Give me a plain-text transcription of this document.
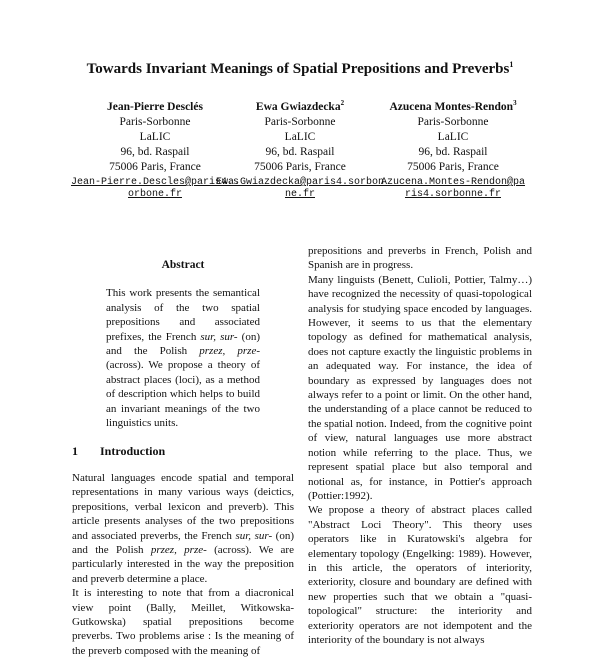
Towards Invariant Meanings of Spatial Prepositions and Preverbs$^1$
Jean-Pierre Desclés
Paris-Sorbonne
LaLIC
96, bd. Raspail
75006 Paris, France
Jean-Pierre.Descles@paris4.sorbone.fr
Ewa Gwiazdecka$^2$
Paris-Sorbonne
LaLIC
96, bd. Raspail
75006 Paris, France
Ewa.Gwiazdecka@paris4.sorbonne.fr
Azucena Montes-Rendon$^3$
Paris-Sorbonne
LaLIC
96, bd. Raspail
75006 Paris, France
Azucena.Montes-Rendon@paris4.sorbonne.fr
Abstract
This work presents the semantical analysis of the two spatial prepositions and associated prefixes, the French sur, sur- (on) and the Polish przez, prze- (across). We propose a theory of abstract places (loci), as a method of description which helps to build an invariant meanings of the two linguistics units.
1 Introduction

Natural languages encode spatial and temporal representations in many various ways (deictics, prepositions, verbal lexicon and preverb). This article presents analyses of the two prepositions and associated preverbs, the French sur, sur- (on) and the Polish przez, prze- (across). We are particularly interested in the way the preposition and preverb determine a place.

It is interesting to note that from a diacronical view point (Bally, Meillet, Witkowska-Gutkowska) spatial prepositions become preverbs. Two problems arise : Is the meaning of the preverb composed with the meaning of

prepositions and preverbs in French, Polish and Spanish are in progress.

Many linguists (Benett, Culioli, Pottier, Talmy…) have recognized the necessity of quasi-topological analysis for studying space encoded by languages. However, it seems to us that the elementary topology as defined for mathematical analysis, does not capture exactly the linguistic problems in an adequated way. For instance, the idea of boundary as expressed by languages does not always refer to a point or limit. On the other hand, the understanding of a place cannot be reduced to the spatial notion. Indeed, from the cognitive point of view, natural languages use more abstract notion while referring to the place. Thus, we represent spatial place but also temporal and notional as, for instance, in Pottier's approach (Pottier:1992).

We propose a theory of abstract places called "Abstract Loci Theory". This theory uses operators like in Kuratowski's algebra for elementary topology (Engelking: 1989). However, in this article, the operators of interiority, exteriority, closure and boundary are defined with new properties such that we obtain a "quasi-topological" structure: the interiority and exteriority operators are not idempotent and the interiority of the boundary is not always
